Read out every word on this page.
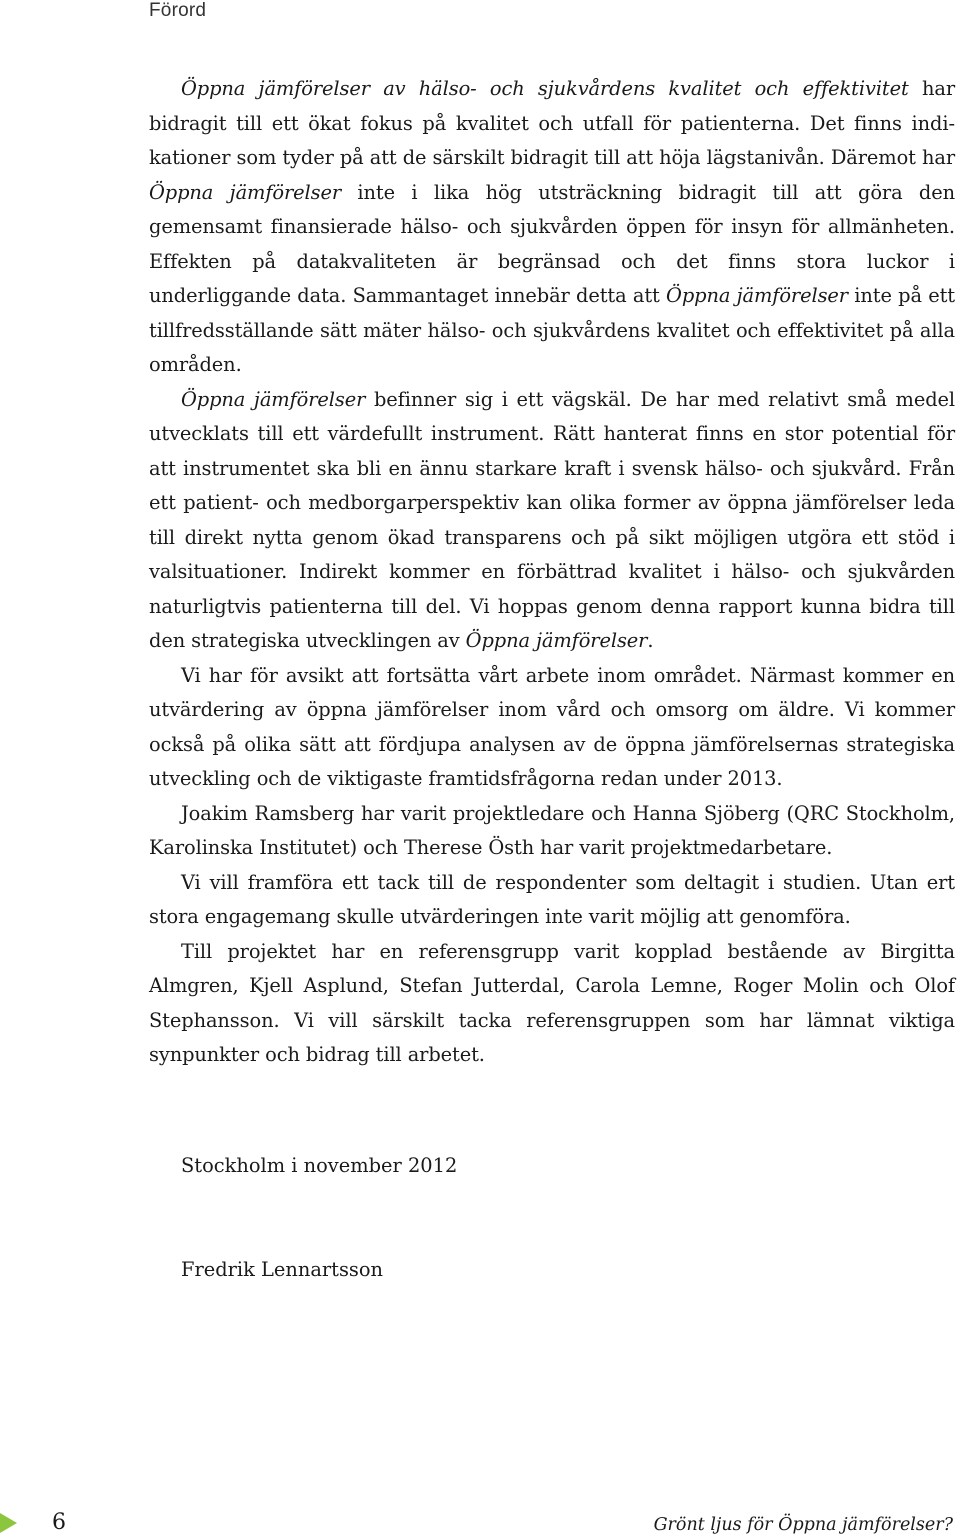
Förord

Öppna jämförelser av hälso- och sjukvårdens kvalitet och effektivitet har bidragit till ett ökat fokus på kvalitet och utfall för patienterna. Det finns indikationer som tyder på att de särskilt bidragit till att höja lägstanivån. Däremot har Öppna jämförelser inte i lika hög utsträckning bidragit till att göra den gemensamt finansierade hälso- och sjukvården öppen för insyn för allmänheten. Effekten på datakvaliteten är begränsad och det finns stora luckor i underliggande data. Sammantaget innebär detta att Öppna jämförelser inte på ett tillfredsställande sätt mäter hälso- och sjukvårdens kvalitet och effektivitet på alla områden.

Öppna jämförelser befinner sig i ett vägskäl. De har med relativt små medel utvecklats till ett värdefullt instrument. Rätt hanterat finns en stor potential för att instrumentet ska bli en ännu starkare kraft i svensk hälso- och sjukvård. Från ett patient- och medborgarperspektiv kan olika former av öppna jämförelser leda till direkt nytta genom ökad transparens och på sikt möjligen utgöra ett stöd i valsituationer. Indirekt kommer en förbättrad kvalitet i hälso- och sjukvården naturligtvis patienterna till del. Vi hoppas genom denna rapport kunna bidra till den strategiska utvecklingen av Öppna jämförelser.

Vi har för avsikt att fortsätta vårt arbete inom området. Närmast kommer en utvärdering av öppna jämförelser inom vård och omsorg om äldre. Vi kommer också på olika sätt att fördjupa analysen av de öppna jämförelsernas strategiska utveckling och de viktigaste framtidsfrågorna redan under 2013.

Joakim Ramsberg har varit projektledare och Hanna Sjöberg (QRC Stockholm, Karolinska Institutet) och Therese Östh har varit projektmedarbetare.

Vi vill framföra ett tack till de respondenter som deltagit i studien. Utan ert stora engagemang skulle utvärderingen inte varit möjlig att genomföra.

Till projektet har en referensgrupp varit kopplad bestående av Birgitta Almgren, Kjell Asplund, Stefan Jutterdal, Carola Lemne, Roger Molin och Olof Stephansson. Vi vill särskilt tacka referensgruppen som har lämnat viktiga synpunkter och bidrag till arbetet.

Stockholm i november 2012
Fredrik Lennartsson
6	Grönt ljus för Öppna jämförelser?
